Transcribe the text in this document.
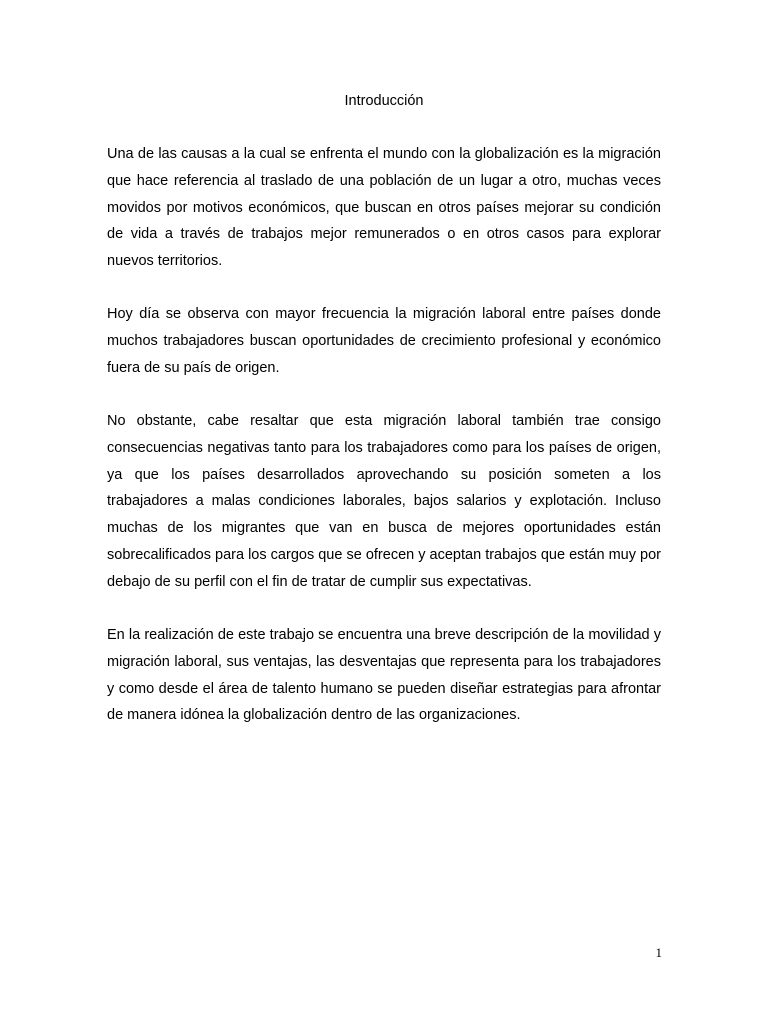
Introducción

Una de las causas a la cual se enfrenta el mundo con la globalización es la migración que hace referencia al traslado de una población de un lugar a otro, muchas veces movidos por motivos económicos, que buscan en otros países mejorar su condición de vida a través de trabajos mejor remunerados o en otros casos para explorar nuevos territorios.

Hoy día se observa con mayor frecuencia la migración laboral entre países donde muchos trabajadores buscan oportunidades de crecimiento profesional y económico fuera de su país de origen.

No obstante, cabe resaltar que esta migración laboral también trae consigo consecuencias negativas tanto para los trabajadores como para los países de origen, ya que los países desarrollados aprovechando su posición someten a los trabajadores a malas condiciones laborales, bajos salarios y explotación. Incluso muchas de los migrantes que van en busca de mejores oportunidades están sobrecalificados para los cargos que se ofrecen y aceptan trabajos que están muy por debajo de su perfil con el fin de tratar de cumplir sus expectativas.

En la realización de este trabajo se encuentra una breve descripción de la movilidad y migración laboral, sus ventajas, las desventajas que representa para los trabajadores y como desde el área de talento humano se pueden diseñar estrategias para afrontar de manera idónea la globalización dentro de las organizaciones.

1
